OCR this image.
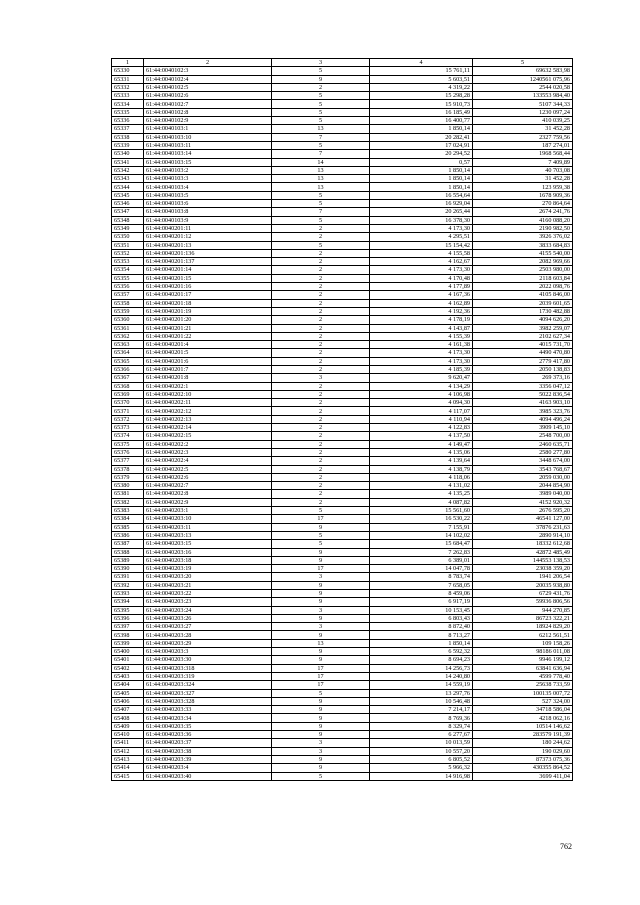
1	2	3	4	5
65330	61:44:0040102:3	5	15 761,11	69632 583,98
65331	61:44:0040102:4	9	5 603,51	1240561 075,96
65332	61:44:0040102:5	2	4 319,22	2544 020,58
65333	61:44:0040102:6	5	15 298,28	133553 984,40
65334	61:44:0040102:7	5	15 910,73	5107 344,33
65335	61:44:0040102:8	5	16 185,49	1230 097,24
65336	61:44:0040102:9	5	16 400,77	410 039,25
65337	61:44:0040103:1	13	1 850,14	31 452,28
65338	61:44:0040103:10	7	20 282,41	2327 759,56
65339	61:44:0040103:11	5	17 024,91	187 274,01
65340	61:44:0040103:14	7	20 294,52	1968 568,44
65341	61:44:0040103:15	14	0,57	7 409,89
65342	61:44:0040103:2	13	1 850,14	40 703,08
65343	61:44:0040103:3	13	1 850,14	31 452,28
65344	61:44:0040103:4	13	1 850,14	123 959,38
65345	61:44:0040103:5	5	16 554,64	1678 909,36
65346	61:44:0040103:6	5	16 929,04	270 864,64
65347	61:44:0040103:8	7	20 265,44	2674 241,76
65348	61:44:0040103:9	5	16 378,30	4160 088,20
65349	61:44:0040201:11	2	4 173,30	2190 982,50
65350	61:44:0040201:12	2	4 295,51	3926 376,02
65351	61:44:0040201:13	5	15 154,42	3833 684,83
65352	61:44:0040201:136	2	4 155,58	4155 540,00
65353	61:44:0040201:137	2	4 162,67	2082 969,66
65354	61:44:0040201:14	2	4 173,30	2503 980,00
65355	61:44:0040201:15	2	4 170,48	2118 603,84
65356	61:44:0040201:16	2	4 177,89	2022 098,76
65357	61:44:0040201:17	2	4 167,36	4105 846,00
65358	61:44:0040201:18	2	4 162,89	2039 601,65
65359	61:44:0040201:19	2	4 192,36	1730 482,88
65360	61:44:0040201:20	2	4 178,19	4094 626,20
65361	61:44:0040201:21	2	4 143,87	3982 259,07
65362	61:44:0040201:22	2	4 155,39	2102 627,34
65363	61:44:0040201:4	2	4 161,38	4015 731,70
65364	61:44:0040201:5	2	4 173,30	4490 470,80
65365	61:44:0040201:6	2	4 173,30	2779 417,80
65366	61:44:0040201:7	2	4 185,39	2050 138,83
65367	61:44:0040201:8	3	9 620,47	269 373,16
65368	61:44:0040202:1	2	4 134,29	3356 047,12
65369	61:44:0040202:10	2	4 106,98	5022 836,54
65370	61:44:0040202:11	2	4 094,30	4163 903,10
65371	61:44:0040202:12	2	4 117,07	3985 323,76
65372	61:44:0040202:13	2	4 110,94	4094 496,24
65373	61:44:0040202:14	2	4 122,83	3909 145,10
65374	61:44:0040202:15	2	4 137,50	2548 700,00
65375	61:44:0040202:2	2	4 149,47	2460 635,71
65376	61:44:0040202:3	2	4 135,06	2580 277,80
65377	61:44:0040202:4	2	4 139,64	3448 674,00
65378	61:44:0040202:5	2	4 138,79	3543 768,67
65379	61:44:0040202:6	2	4 118,06	2059 030,00
65380	61:44:0040202:7	2	4 131,02	2044 854,90
65381	61:44:0040202:8	2	4 135,25	3989 040,00
65382	61:44:0040202:9	2	4 087,82	4152 920,32
65383	61:44:0040203:1	5	15 561,60	2676 595,20
65384	61:44:0040203:10	17	16 530,22	46541 127,00
65385	61:44:0040203:11	9	7 155,91	37876 231,63
65386	61:44:0040203:13	5	14 102,02	2890 914,10
65387	61:44:0040203:15	5	15 684,47	18332 612,68
65388	61:44:0040203:16	9	7 262,83	42872 485,49
65389	61:44:0040203:18	9	6 389,01	144553 138,53
65390	61:44:0040203:19	17	14 047,78	23038 359,20
65391	61:44:0040203:20	3	8 783,74	1941 206,54
65392	61:44:0040203:21	9	7 658,05	20035 938,80
65393	61:44:0040203:22	9	8 459,06	6729 431,76
65394	61:44:0040203:23	9	6 917,19	59936 806,56
65395	61:44:0040203:24	3	10 153,45	944 270,85
65396	61:44:0040203:26	9	6 803,43	86723 322,21
65397	61:44:0040203:27	3	8 872,40	18924 829,20
65398	61:44:0040203:28	9	8 713,27	6212 561,51
65399	61:44:0040203:29	13	1 850,14	109 158,26
65400	61:44:0040203:3	9	6 592,32	98186 011,08
65401	61:44:0040203:30	9	8 694,23	9946 199,12
65402	61:44:0040203:318	17	14 256,73	63841 636,94
65403	61:44:0040203:319	17	14 240,80	4599 778,40
65404	61:44:0040203:324	17	14 559,19	25638 733,59
65405	61:44:0040203:327	5	13 297,76	100135 007,72
65406	61:44:0040203:328	9	10 546,48	527 324,00
65407	61:44:0040203:33	9	7 214,17	34718 586,04
65408	61:44:0040203:34	9	8 769,36	4218 062,16
65409	61:44:0040203:35	9	8 329,74	10514 146,62
65410	61:44:0040203:36	9	6 277,67	283579 191,39
65411	61:44:0040203:37	3	10 013,59	180 244,62
65412	61:44:0040203:38	3	10 557,20	190 029,60
65413	61:44:0040203:39	9	6 805,52	87373 075,36
65414	61:44:0040203:4	9	5 966,32	430355 864,52
65415	61:44:0040203:40	5	14 916,98	3699 411,04
762
